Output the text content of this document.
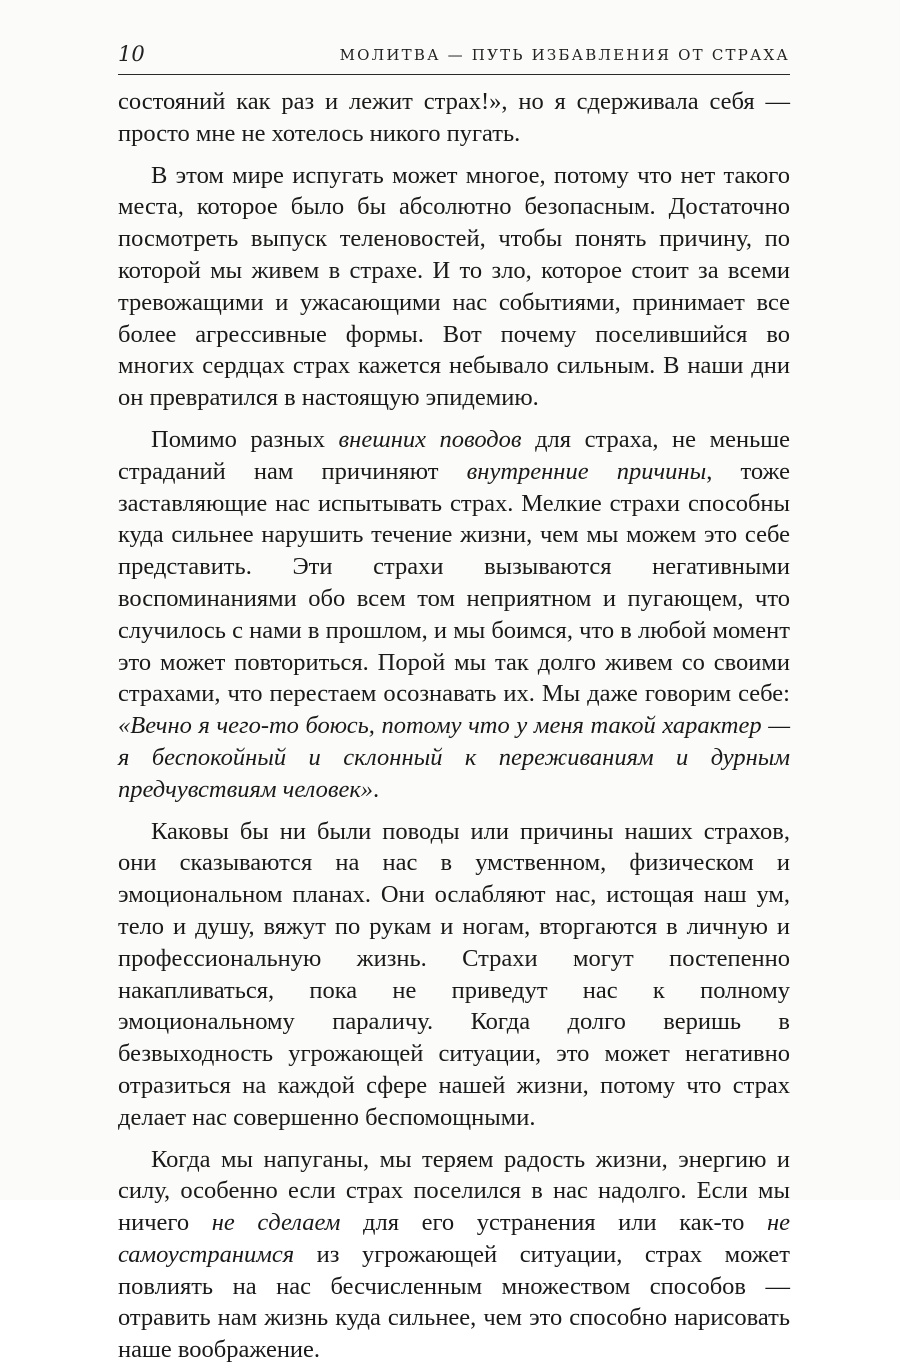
10	МОЛИТВА — ПУТЬ ИЗБАВЛЕНИЯ ОТ СТРАХА

состояний как раз и лежит страх!», но я сдерживала себя — просто мне не хотелось никого пугать.

В этом мире испугать может многое, потому что нет такого места, которое было бы абсолютно безопасным. Достаточно посмотреть выпуск теленовостей, чтобы понять причину, по которой мы живем в страхе. И то зло, которое стоит за всеми тревожащими и ужасающими нас событиями, принимает все более агрессивные формы. Вот почему поселившийся во многих сердцах страх кажется небывало сильным. В наши дни он превратился в настоящую эпидемию.

Помимо разных внешних поводов для страха, не меньше страданий нам причиняют внутренние причины, тоже заставляющие нас испытывать страх. Мелкие страхи способны куда сильнее нарушить течение жизни, чем мы можем это себе представить. Эти страхи вызываются негативными воспоминаниями обо всем том неприятном и пугающем, что случилось с нами в прошлом, и мы боимся, что в любой момент это может повториться. Порой мы так долго живем со своими страхами, что перестаем осознавать их. Мы даже говорим себе: «Вечно я чего-то боюсь, потому что у меня такой характер — я беспокойный и склонный к переживаниям и дурным предчувствиям человек».

Каковы бы ни были поводы или причины наших страхов, они сказываются на нас в умственном, физическом и эмоциональном планах. Они ослабляют нас, истощая наш ум, тело и душу, вяжут по рукам и ногам, вторгаются в личную и профессиональную жизнь. Страхи могут постепенно накапливаться, пока не приведут нас к полному эмоциональному параличу. Когда долго веришь в безвыходность угрожающей ситуации, это может негативно отразиться на каждой сфере нашей жизни, потому что страх делает нас совершенно беспомощными.

Когда мы напуганы, мы теряем радость жизни, энергию и силу, особенно если страх поселился в нас надолго. Если мы ничего не сделаем для его устранения или как-то не самоустранимся из угрожающей ситуации, страх может повлиять на нас бесчисленным множеством способов — отравить нам жизнь куда сильнее, чем это способно нарисовать наше воображение.
